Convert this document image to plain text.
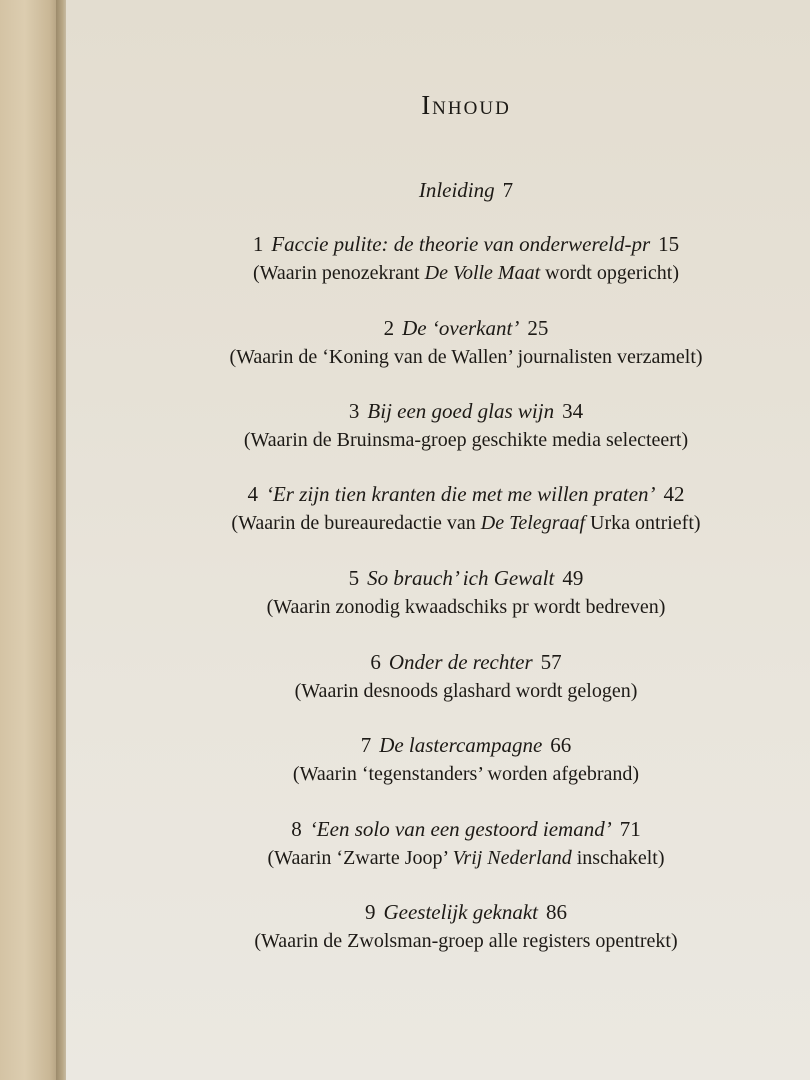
Inhoud
Inleiding 7
1 Faccie pulite: de theorie van onderwereld-pr 15
(Waarin penozekrant De Volle Maat wordt opgericht)
2 De ‘overkant’ 25
(Waarin de ‘Koning van de Wallen’ journalisten verzamelt)
3 Bij een goed glas wijn 34
(Waarin de Bruinsma-groep geschikte media selecteert)
4 ‘Er zijn tien kranten die met me willen praten’ 42
(Waarin de bureauredactie van De Telegraaf Urka ontrieft)
5 So brauch’ ich Gewalt 49
(Waarin zonodig kwaadschiks pr wordt bedreven)
6 Onder de rechter 57
(Waarin desnoods glashard wordt gelogen)
7 De lastercampagne 66
(Waarin ‘tegenstanders’ worden afgebrand)
8 ‘Een solo van een gestoord iemand’ 71
(Waarin ‘Zwarte Joop’ Vrij Nederland inschakelt)
9 Geestelijk geknakt 86
(Waarin de Zwolsman-groep alle registers opentrekt)
